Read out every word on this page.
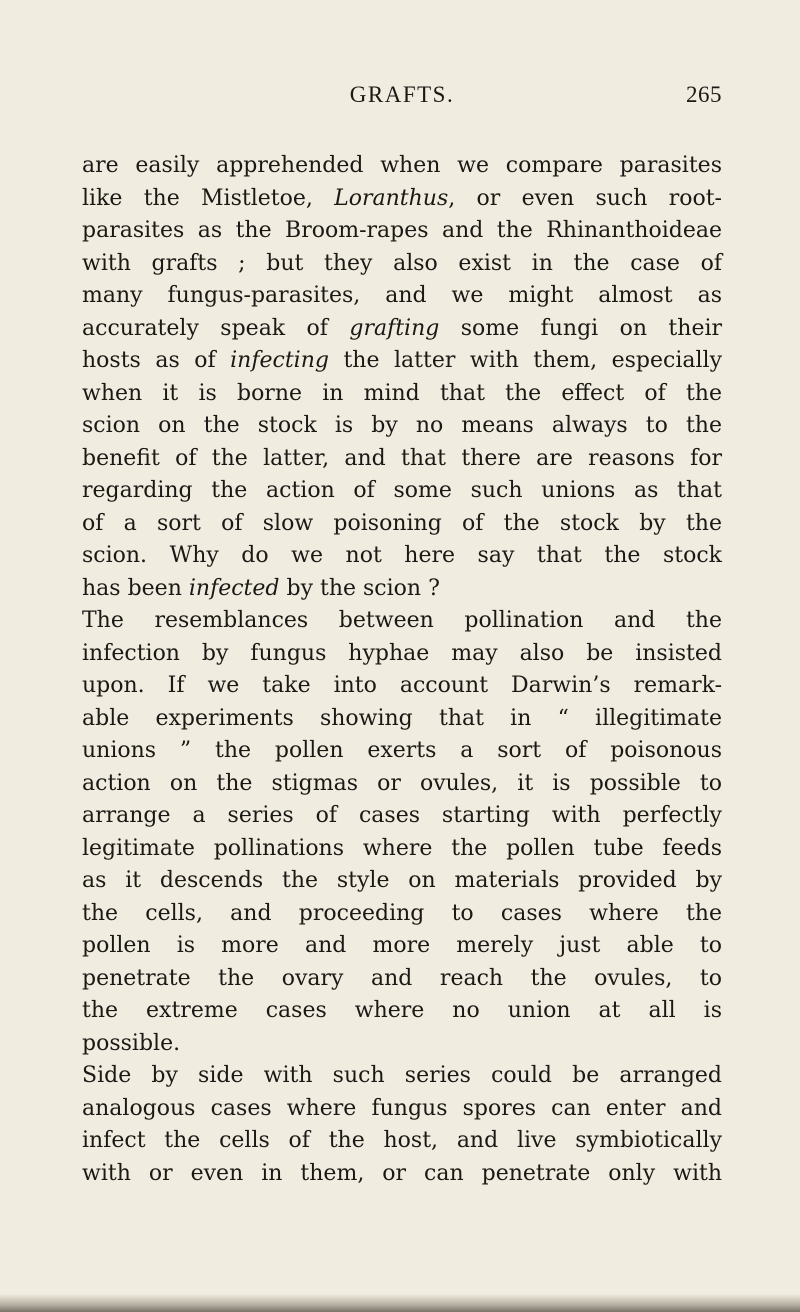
GRAFTS.	265
are easily apprehended when we compare parasites
like the Mistletoe, Loranthus, or even such root-
parasites as the Broom-rapes and the Rhinanthoideae
with grafts ; but they also exist in the case of
many fungus-parasites, and we might almost as
accurately speak of grafting some fungi on their
hosts as of infecting the latter with them, especially
when it is borne in mind that the effect of the
scion on the stock is by no means always to the
benefit of the latter, and that there are reasons for
regarding the action of some such unions as that
of a sort of slow poisoning of the stock by the
scion. Why do we not here say that the stock
has been infected by the scion ?
The resemblances between pollination and the
infection by fungus hyphae may also be insisted
upon. If we take into account Darwin’s remark-
able experiments showing that in “ illegitimate
unions ” the pollen exerts a sort of poisonous
action on the stigmas or ovules, it is possible to
arrange a series of cases starting with perfectly
legitimate pollinations where the pollen tube feeds
as it descends the style on materials provided by
the cells, and proceeding to cases where the
pollen is more and more merely just able to
penetrate the ovary and reach the ovules, to
the extreme cases where no union at all is
possible.
Side by side with such series could be arranged
analogous cases where fungus spores can enter and
infect the cells of the host, and live symbiotically
with or even in them, or can penetrate only with
